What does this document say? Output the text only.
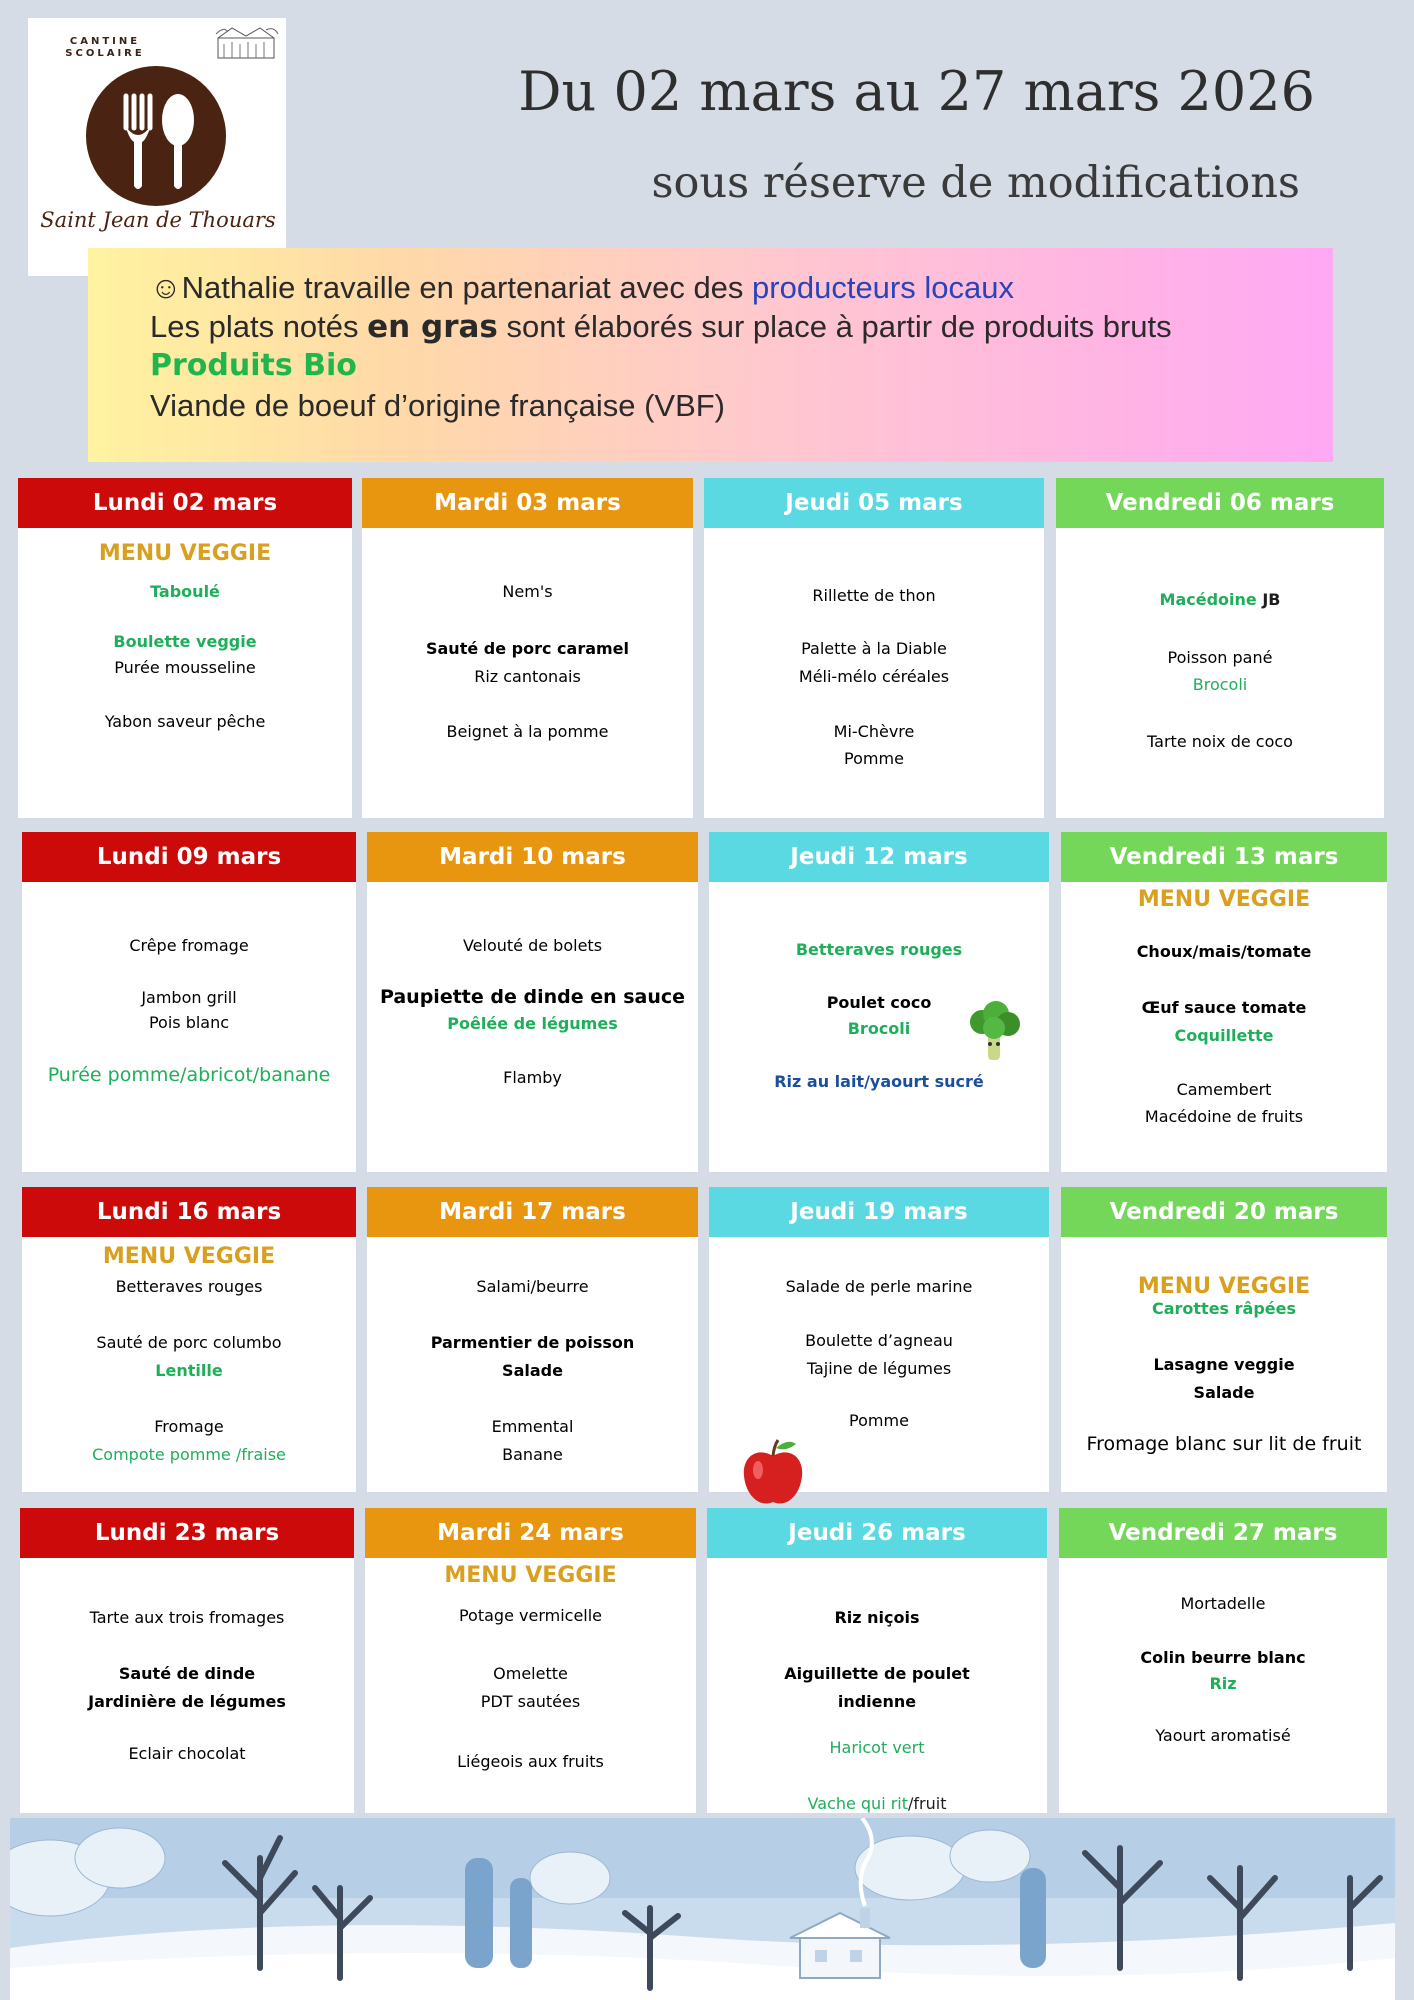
CANTINE SCOLAIRE
Saint Jean de Thouars
Du 02 mars au 27 mars 2026
sous réserve de modifications
☺Nathalie travaille en partenariat avec des producteurs locaux
Les plats notés en gras sont élaborés sur place à partir de produits bruts
Produits Bio
Viande de boeuf d’origine française (VBF)
Lundi 02 mars
MENU VEGGIE
Taboulé
Boulette veggie
Purée mousseline
Yabon saveur pêche
Mardi 03 mars
Nem's
Sauté de porc caramel
Riz cantonais
Beignet à la pomme
Jeudi 05 mars
Rillette de thon
Palette à la Diable
Méli-mélo céréales
Mi-Chèvre
Pomme
Vendredi 06 mars
Macédoine JB
Poisson pané
Brocoli
Tarte noix de coco
Lundi 09 mars
Crêpe fromage
Jambon grill
Pois blanc
Purée pomme/abricot/banane
Mardi 10 mars
Velouté de bolets
Paupiette de dinde en sauce
Poêlée de légumes
Flamby
Jeudi 12 mars
Betteraves rouges
Poulet coco
Brocoli
Riz au lait/yaourt sucré
Vendredi 13 mars
MENU VEGGIE
Choux/mais/tomate
Œuf sauce tomate
Coquillette
Camembert
Macédoine de fruits
Lundi 16 mars
MENU VEGGIE
Betteraves rouges
Sauté de porc columbo
Lentille
Fromage
Compote pomme /fraise
Mardi 17 mars
Salami/beurre
Parmentier de poisson
Salade
Emmental
Banane
Jeudi 19 mars
Salade de perle marine
Boulette d’agneau
Tajine de légumes
Pomme
Vendredi 20 mars
MENU VEGGIE
Carottes râpées
Lasagne veggie
Salade
Fromage blanc sur lit de fruit
Lundi 23 mars
Tarte aux trois fromages
Sauté de dinde
Jardinière de légumes
Eclair chocolat
Mardi 24 mars
MENU VEGGIE
Potage vermicelle
Omelette
PDT sautées
Liégeois aux fruits
Jeudi 26 mars
Riz niçois
Aiguillette de poulet
indienne
Haricot vert
Vache qui rit/fruit
Vendredi 27 mars
Mortadelle
Colin beurre blanc
Riz
Yaourt aromatisé
